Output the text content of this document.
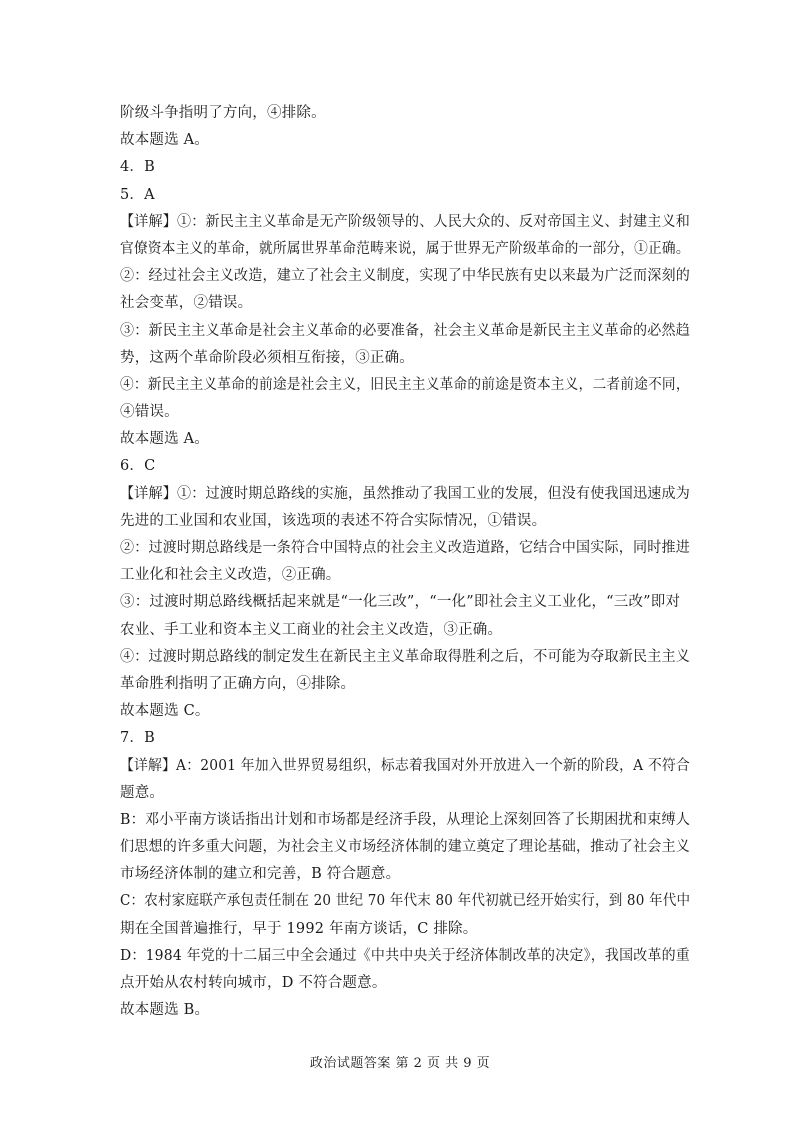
阶级斗争指明了方向，④排除。
故本题选 A。
4．B
5．A
【详解】①：新民主主义革命是无产阶级领导的、人民大众的、反对帝国主义、封建主义和
官僚资本主义的革命，就所属世界革命范畴来说，属于世界无产阶级革命的一部分，①正确。
②：经过社会主义改造，建立了社会主义制度，实现了中华民族有史以来最为广泛而深刻的
社会变革，②错误。
③：新民主主义革命是社会主义革命的必要准备，社会主义革命是新民主主义革命的必然趋
势，这两个革命阶段必须相互衔接，③正确。
④：新民主主义革命的前途是社会主义，旧民主主义革命的前途是资本主义，二者前途不同，
④错误。
故本题选 A。
6．C
【详解】①：过渡时期总路线的实施，虽然推动了我国工业的发展，但没有使我国迅速成为
先进的工业国和农业国，该选项的表述不符合实际情况，①错误。
②：过渡时期总路线是一条符合中国特点的社会主义改造道路，它结合中国实际，同时推进
工业化和社会主义改造，②正确。
③：过渡时期总路线概括起来就是“一化三改”，“一化”即社会主义工业化，“三改”即对
农业、手工业和资本主义工商业的社会主义改造，③正确。
④：过渡时期总路线的制定发生在新民主主义革命取得胜利之后，不可能为夺取新民主主义
革命胜利指明了正确方向，④排除。
故本题选 C。
7．B
【详解】A：2001 年加入世界贸易组织，标志着我国对外开放进入一个新的阶段，A 不符合
题意。
B：邓小平南方谈话指出计划和市场都是经济手段，从理论上深刻回答了长期困扰和束缚人
们思想的许多重大问题，为社会主义市场经济体制的建立奠定了理论基础，推动了社会主义
市场经济体制的建立和完善，B 符合题意。
C：农村家庭联产承包责任制在 20 世纪 70 年代末 80 年代初就已经开始实行，到 80 年代中
期在全国普遍推行，早于 1992 年南方谈话，C 排除。
D：1984 年党的十二届三中全会通过《中共中央关于经济体制改革的决定》，我国改革的重
点开始从农村转向城市，D 不符合题意。
故本题选 B。
政治试题答案 第 2 页 共 9 页
